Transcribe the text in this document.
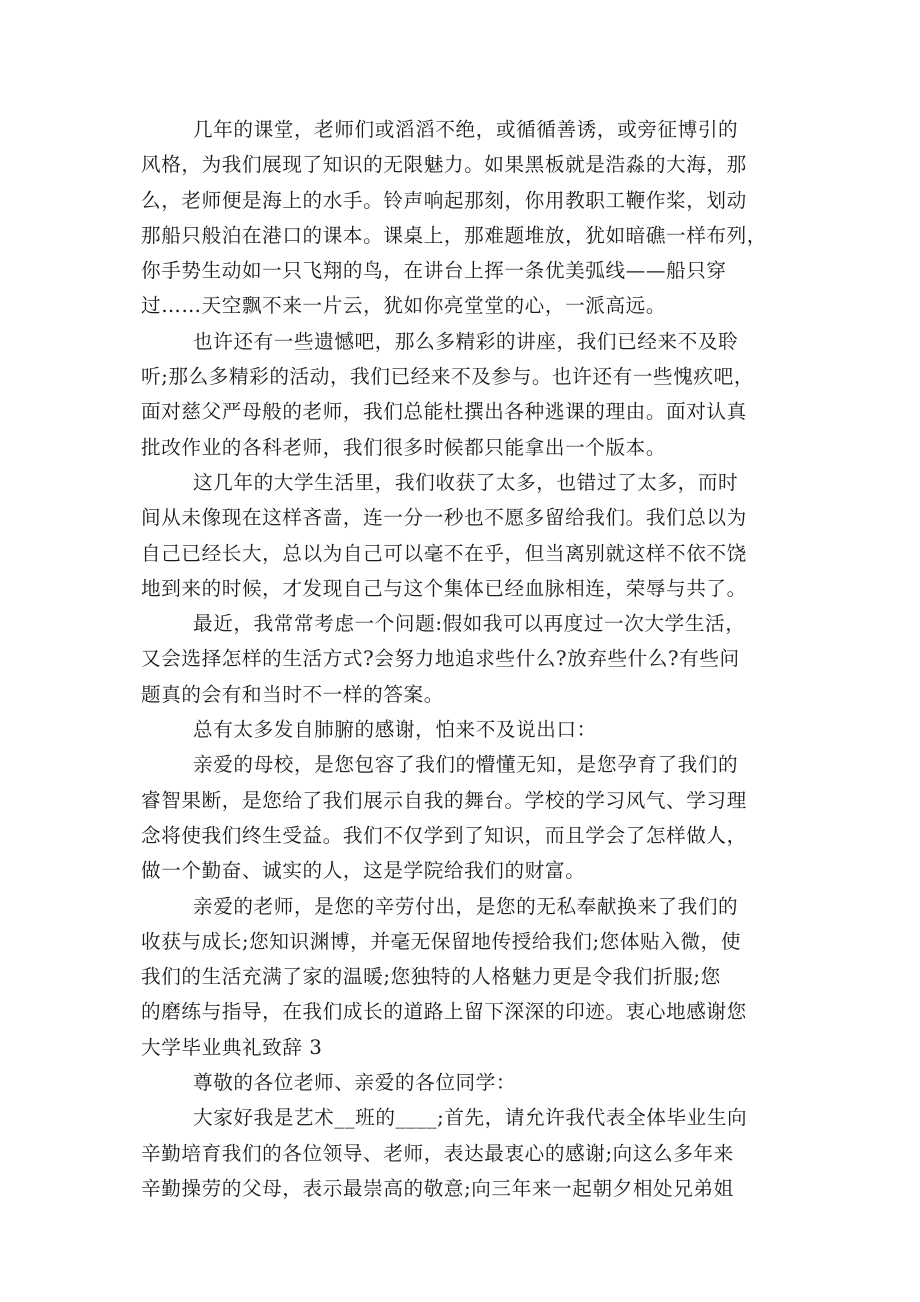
几年的课堂，老师们或滔滔不绝，或循循善诱，或旁征博引的
风格，为我们展现了知识的无限魅力。如果黑板就是浩淼的大海，那
么，老师便是海上的水手。铃声响起那刻，你用教职工鞭作桨，划动
那船只般泊在港口的课本。课桌上，那难题堆放，犹如暗礁一样布列，
你手势生动如一只飞翔的鸟，在讲台上挥一条优美弧线——船只穿
过……天空飘不来一片云，犹如你亮堂堂的心，一派高远。
也许还有一些遗憾吧，那么多精彩的讲座，我们已经来不及聆
听;那么多精彩的活动，我们已经来不及参与。也许还有一些愧疚吧，
面对慈父严母般的老师，我们总能杜撰出各种逃课的理由。面对认真
批改作业的各科老师，我们很多时候都只能拿出一个版本。
这几年的大学生活里，我们收获了太多，也错过了太多，而时
间从未像现在这样吝啬，连一分一秒也不愿多留给我们。我们总以为
自己已经长大，总以为自己可以毫不在乎，但当离别就这样不依不饶
地到来的时候，才发现自己与这个集体已经血脉相连，荣辱与共了。
最近，我常常考虑一个问题:假如我可以再度过一次大学生活，
又会选择怎样的生活方式?会努力地追求些什么?放弃些什么?有些问
题真的会有和当时不一样的答案。
总有太多发自肺腑的感谢，怕来不及说出口：
亲爱的母校，是您包容了我们的懵懂无知，是您孕育了我们的
睿智果断，是您给了我们展示自我的舞台。学校的学习风气、学习理
念将使我们终生受益。我们不仅学到了知识，而且学会了怎样做人，
做一个勤奋、诚实的人，这是学院给我们的财富。
亲爱的老师，是您的辛劳付出，是您的无私奉献换来了我们的
收获与成长;您知识渊博，并毫无保留地传授给我们;您体贴入微，使
我们的生活充满了家的温暖;您独特的人格魅力更是令我们折服;您
的磨练与指导，在我们成长的道路上留下深深的印迹。衷心地感谢您
大学毕业典礼致辞 3
尊敬的各位老师、亲爱的各位同学：
大家好我是艺术__班的____;首先，请允许我代表全体毕业生向
辛勤培育我们的各位领导、老师，表达最衷心的感谢;向这么多年来
辛勤操劳的父母，表示最崇高的敬意;向三年来一起朝夕相处兄弟姐
